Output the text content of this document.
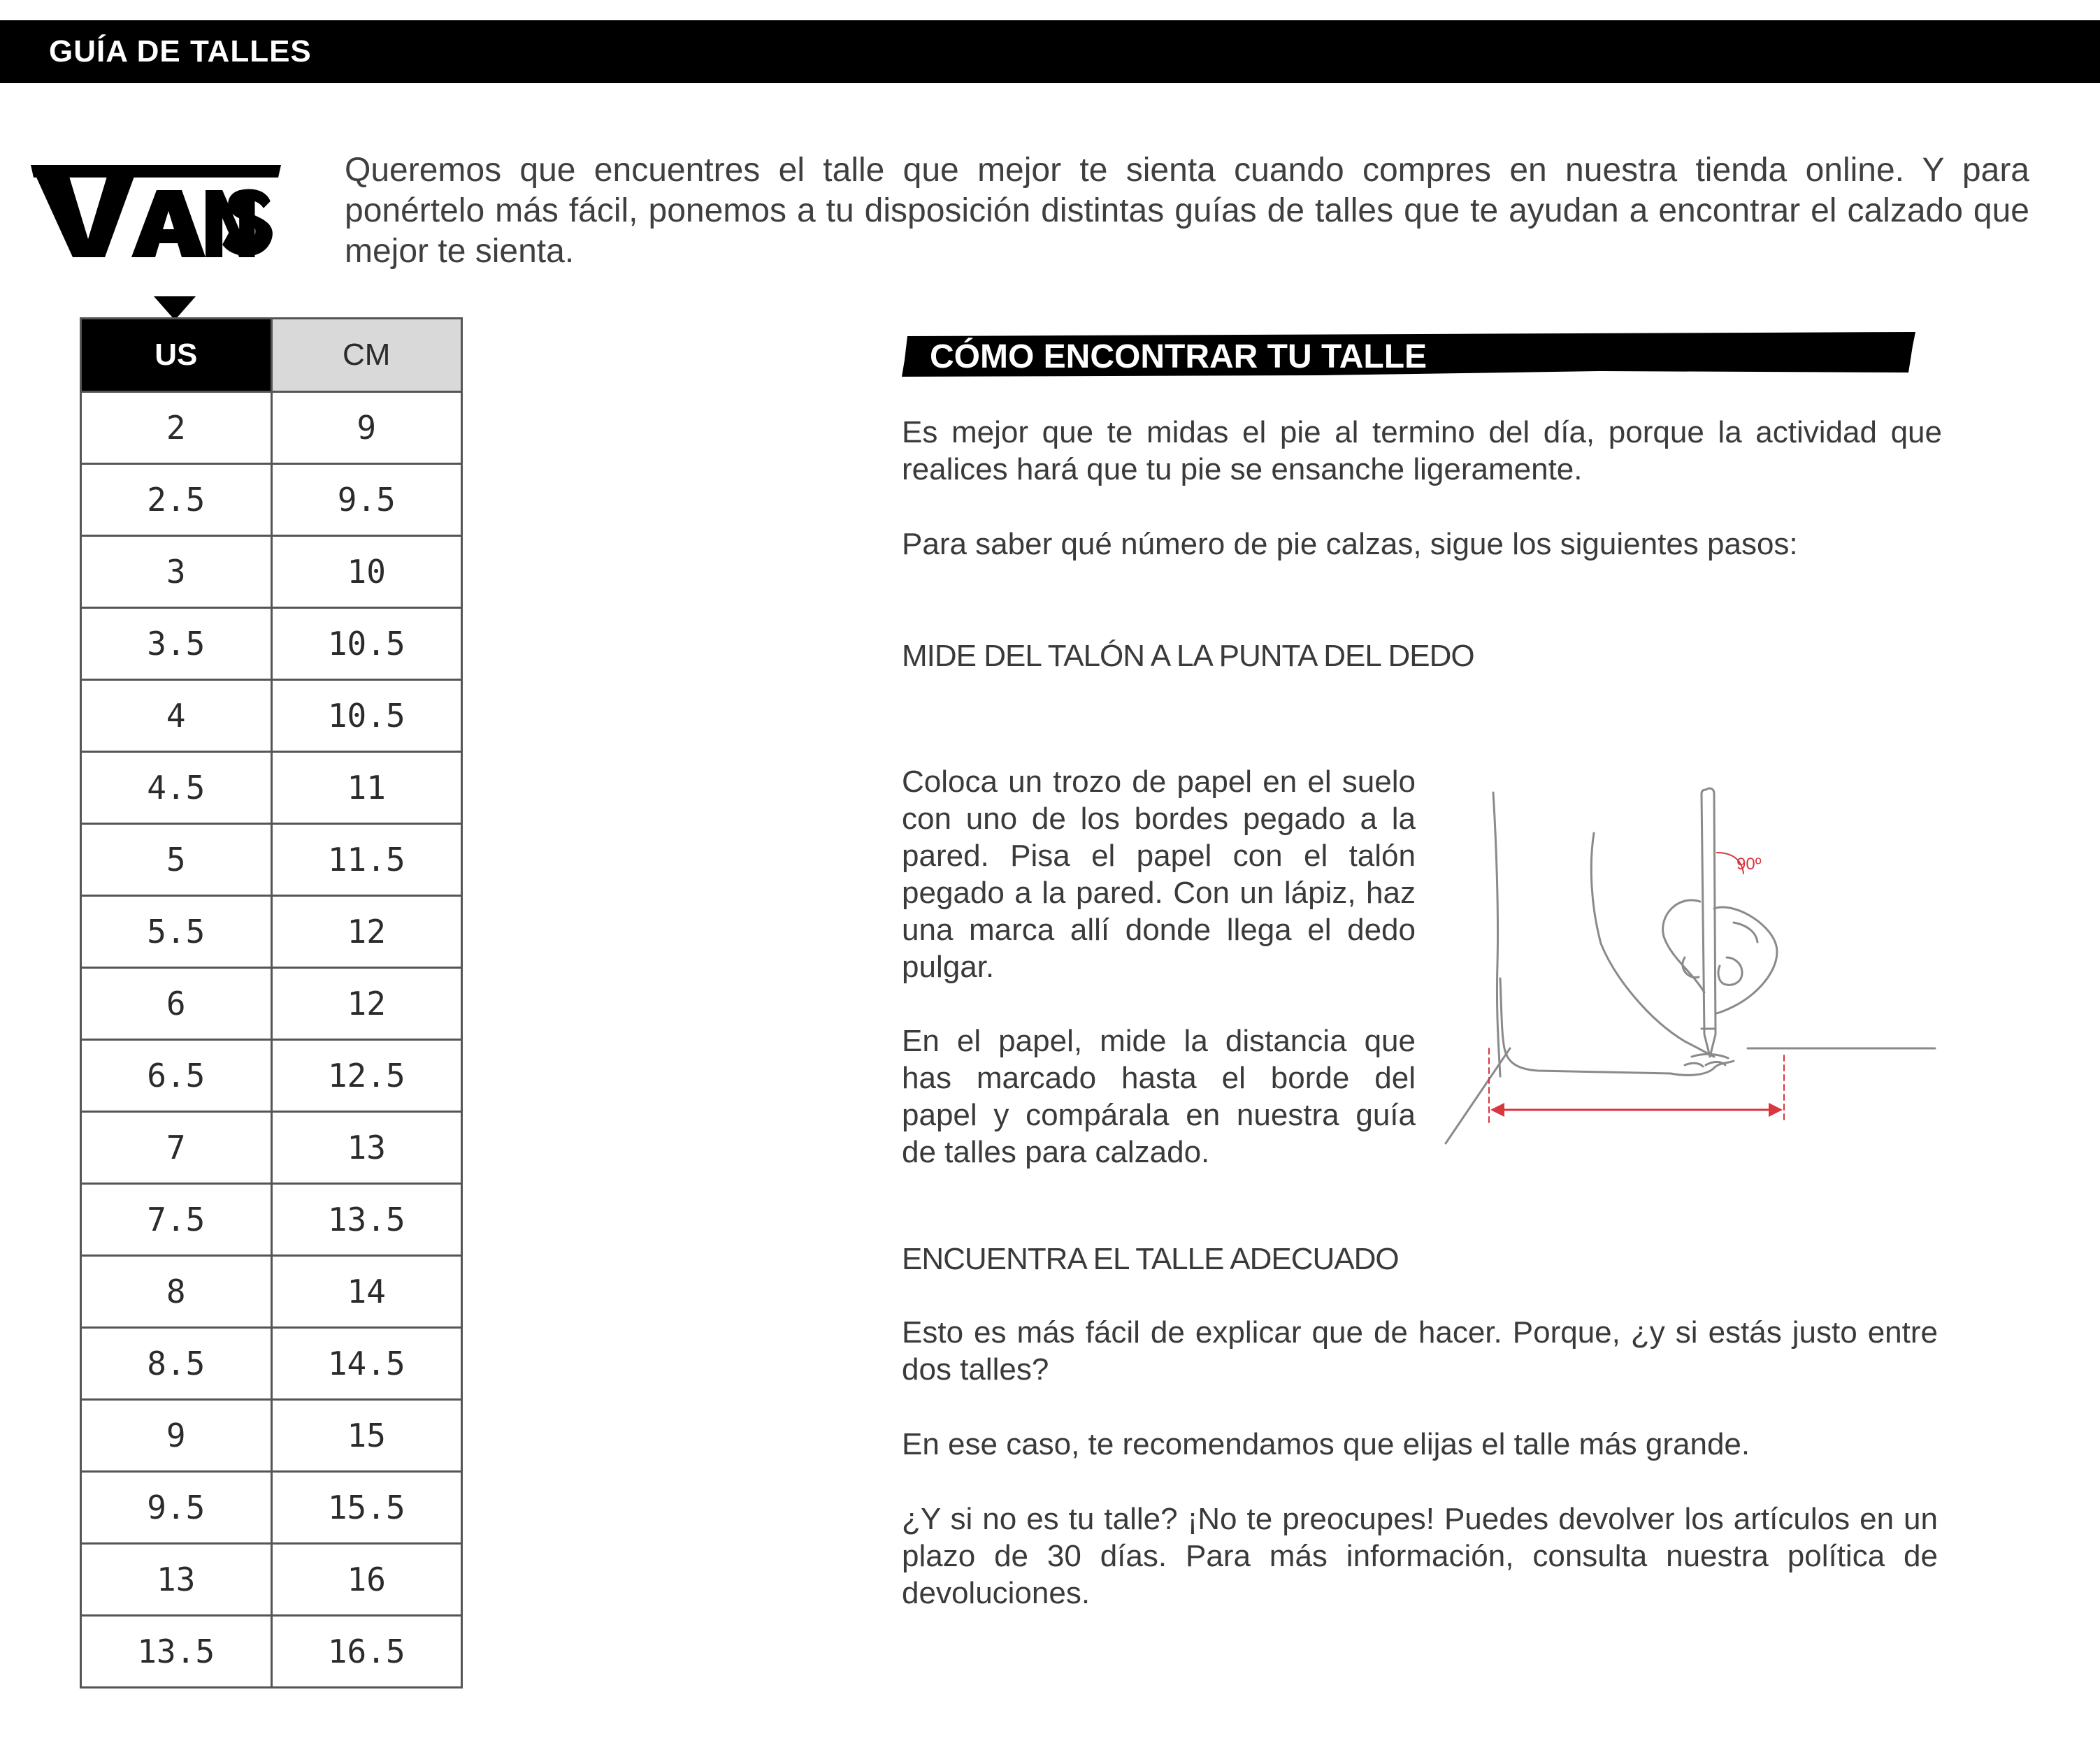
GUÍA DE TALLES
Queremos que encuentres el talle que mejor te sienta cuando compres en nuestra tienda online. Y para ponértelo más fácil, ponemos a tu disposición distintas guías de talles que te ayudan a encontrar el calzado que mejor te sienta.
US	CM
2	9
2.5	9.5
3	10
3.5	10.5
4	10.5
4.5	11
5	11.5
5.5	12
6	12
6.5	12.5
7	13
7.5	13.5
8	14
8.5	14.5
9	15
9.5	15.5
13	16
13.5	16.5
CÓMO ENCONTRAR TU TALLE
Es mejor que te midas el pie al termino del día, porque la actividad que realices hará que tu pie se ensanche ligeramente.
Para saber qué número de pie calzas, sigue los siguientes pasos:
MIDE DEL TALÓN A LA PUNTA DEL DEDO
Coloca un trozo de papel en el suelo con uno de los bordes pegado a la pared. Pisa el papel con el talón pegado a la pared. Con un lápiz, haz una marca allí donde llega el dedo pulgar.
En el papel, mide la distancia que has marcado hasta el borde del papel y compárala en nuestra guía de talles para calzado.
90º
ENCUENTRA EL TALLE ADECUADO
Esto es más fácil de explicar que de hacer. Porque, ¿y si estás justo entre dos talles?
En ese caso, te recomendamos que elijas el talle más grande.
¿Y si no es tu talle? ¡No te preocupes! Puedes devolver los artículos en un plazo de 30 días. Para más información, consulta nuestra política de devoluciones.
